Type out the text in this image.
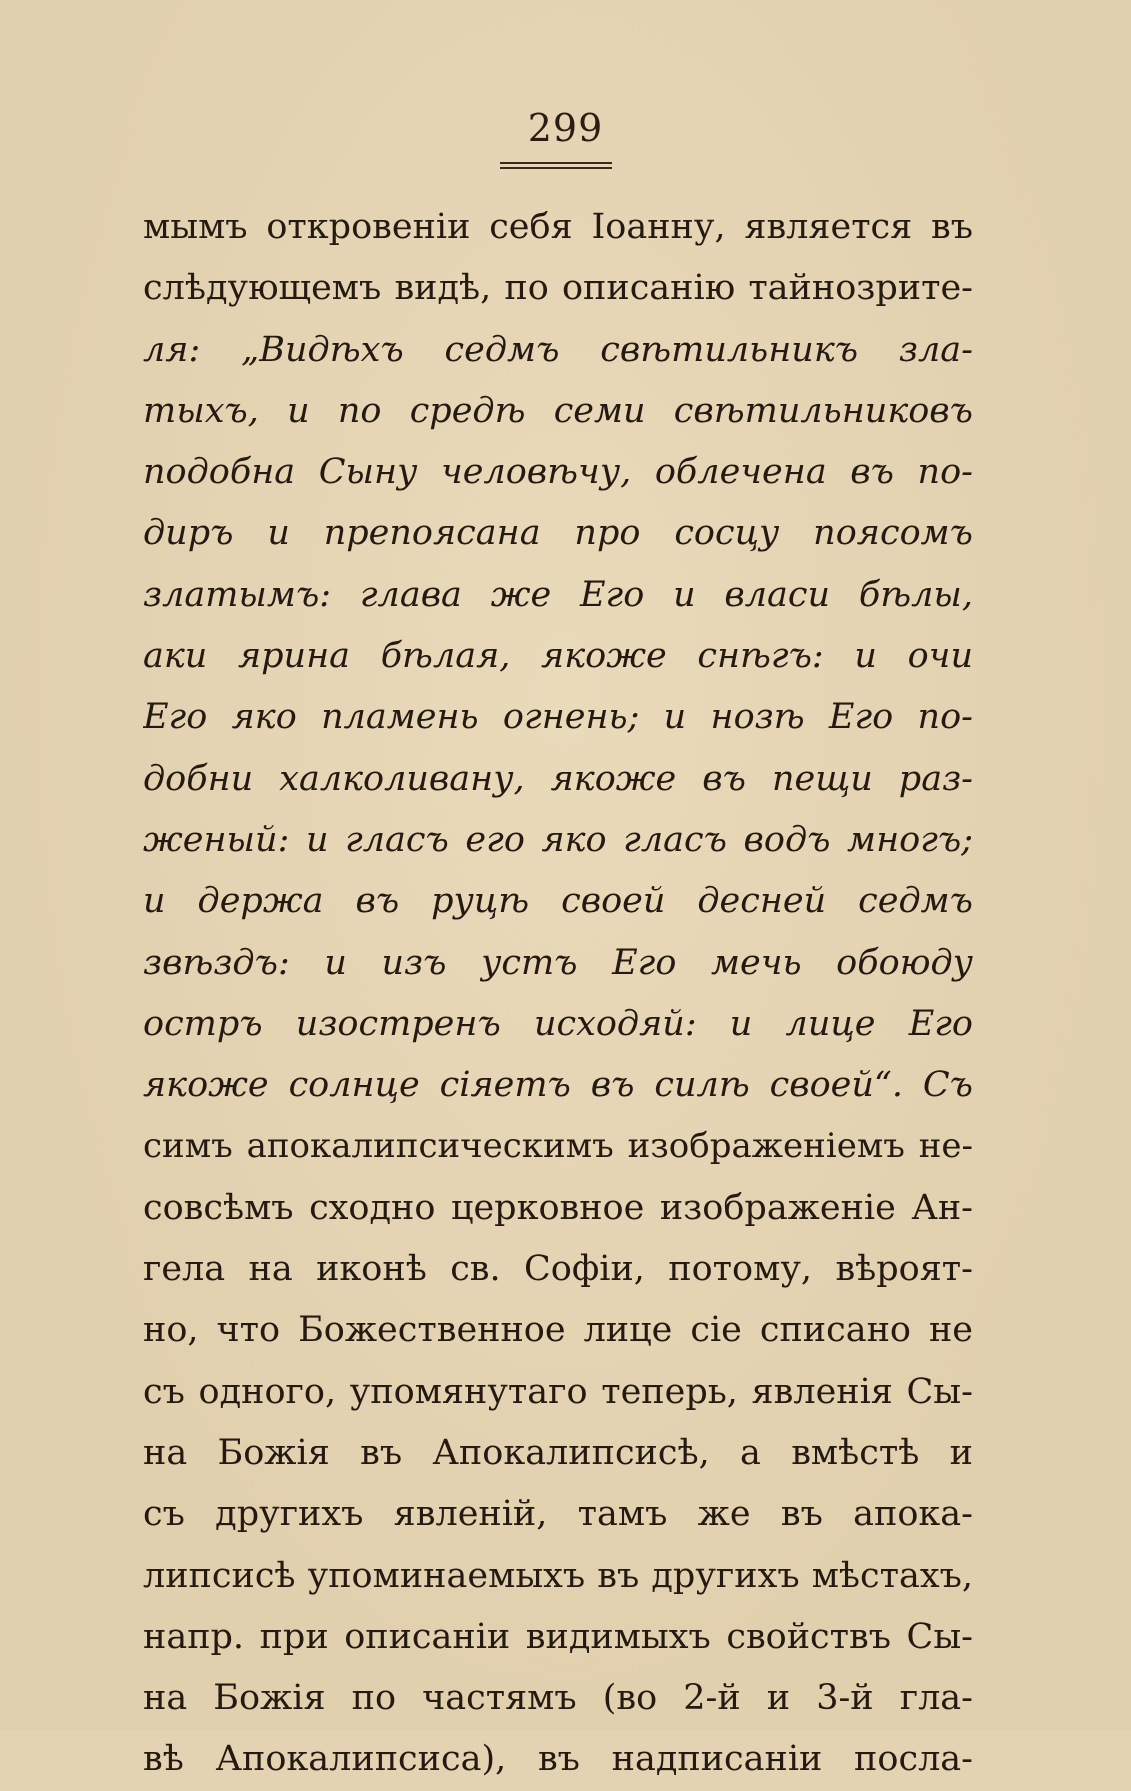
299
мымъ откровеніи себя Іоанну, является въ
слѣдующемъ видѣ, по описанію тайнозрите-
ля: „Видѣхъ седмъ свѣтильникъ зла-
тыхъ, и по средѣ семи свѣтильниковъ
подобна Сыну человѣчу, облечена въ по-
диръ и препоясана про сосцу поясомъ
златымъ: глава же Его и власи бѣлы,
аки ярина бѣлая, якоже снѣгъ: и очи
Его яко пламень огнень; и нозѣ Его по-
добни халколивану, якоже въ пещи раз-
женый: и гласъ его яко гласъ водъ многъ;
и держа въ руцѣ своей десней седмъ
звѣздъ: и изъ устъ Его мечь обоюду
остръ изостренъ исходяй: и лице Его
якоже солнце сіяетъ въ силѣ своей“. Съ
симъ апокалипсическимъ изображеніемъ не-
совсѣмъ сходно церковное изображеніе Ан-
гела на иконѣ св. Софіи, потому, вѣроят-
но, что Божественное лице сіе списано не
съ одного, упомянутаго теперь, явленія Сы-
на Божія въ Апокалипсисѣ, а вмѣстѣ и
съ другихъ явленій, тамъ же въ апока-
липсисѣ упоминаемыхъ въ другихъ мѣстахъ,
напр. при описаніи видимыхъ свойствъ Сы-
на Божія по частямъ (во 2-й и 3-й гла-
вѣ Апокалипсиса), въ надписаніи посла-
